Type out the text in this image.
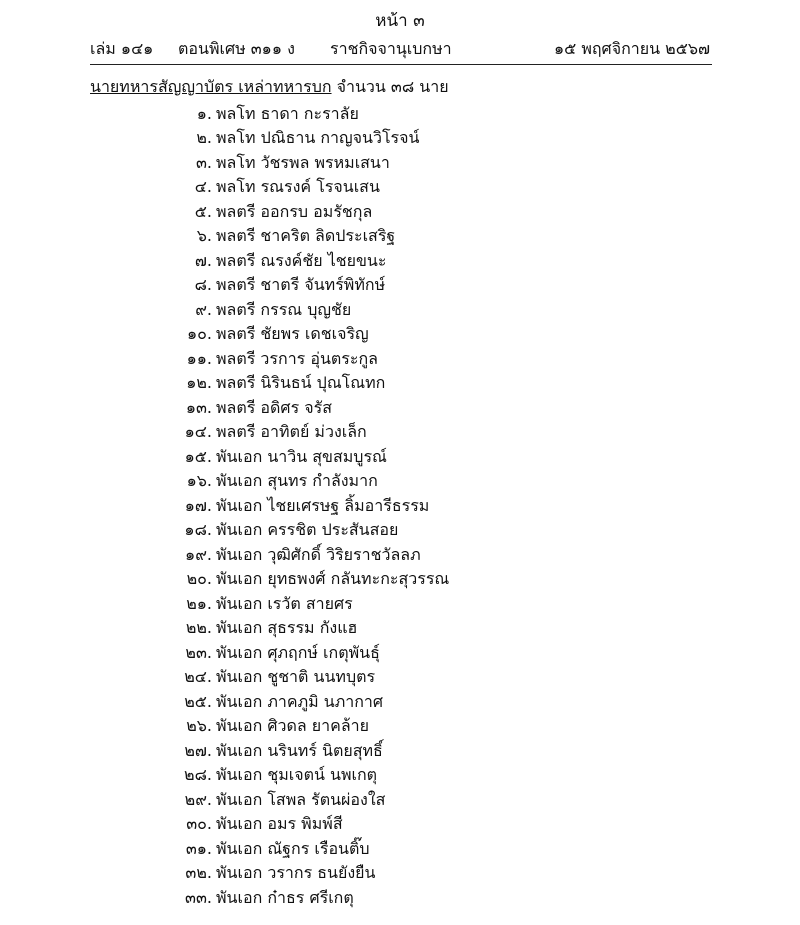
หน้า ๓
เล่ม ๑๔๑ ตอนพิเศษ ๓๑๑ ง ราชกิจจานุเบกษา	๑๕ พฤศจิกายน ๒๕๖๗
นายทหารสัญญาบัตร เหล่าทหารบก จำนวน ๓๘ นาย
๑. พลโท ธาดา กะราลัย
๒. พลโท ปณิธาน กาญจนวิโรจน์
๓. พลโท วัชรพล พรหมเสนา
๔. พลโท รณรงค์ โรจนเสน
๕. พลตรี ออกรบ อมรัชกุล
๖. พลตรี ชาคริต ลิดประเสริฐ
๗. พลตรี ณรงค์ชัย ไชยขนะ
๘. พลตรี ชาตรี จันทร์พิทักษ์
๙. พลตรี กรรณ บุญชัย
๑๐. พลตรี ชัยพร เดชเจริญ
๑๑. พลตรี วรการ อุ่นตระกูล
๑๒. พลตรี นิรินธน์ ปุณโณทก
๑๓. พลตรี อดิศร จรัส
๑๔. พลตรี อาทิตย์ ม่วงเล็ก
๑๕. พันเอก นาวิน สุขสมบูรณ์
๑๖. พันเอก สุนทร กำลังมาก
๑๗. พันเอก ไชยเศรษฐ ลิ้มอารีธรรม
๑๘. พันเอก ครรชิต ประสันสอย
๑๙. พันเอก วุฒิศักดิ์ วิริยราชวัลลภ
๒๐. พันเอก ยุทธพงศ์ กลันทะกะสุวรรณ
๒๑. พันเอก เรวัต สายศร
๒๒. พันเอก สุธรรม กังแฮ
๒๓. พันเอก ศุภฤกษ์ เกตุพันธุ์
๒๔. พันเอก ชูชาติ นนทบุตร
๒๕. พันเอก ภาคภูมิ นภากาศ
๒๖. พันเอก ศิวดล ยาคล้าย
๒๗. พันเอก นรินทร์ นิตยสุทธิ์
๒๘. พันเอก ชุมเจตน์ นพเกตุ
๒๙. พันเอก โสพล รัตนผ่องใส
๓๐. พันเอก อมร พิมพ์สี
๓๑. พันเอก ณัฐกร เรือนติ๊บ
๓๒. พันเอก วรากร ธนยังยืน
๓๓. พันเอก ก๋าธร ศรีเกตุ
